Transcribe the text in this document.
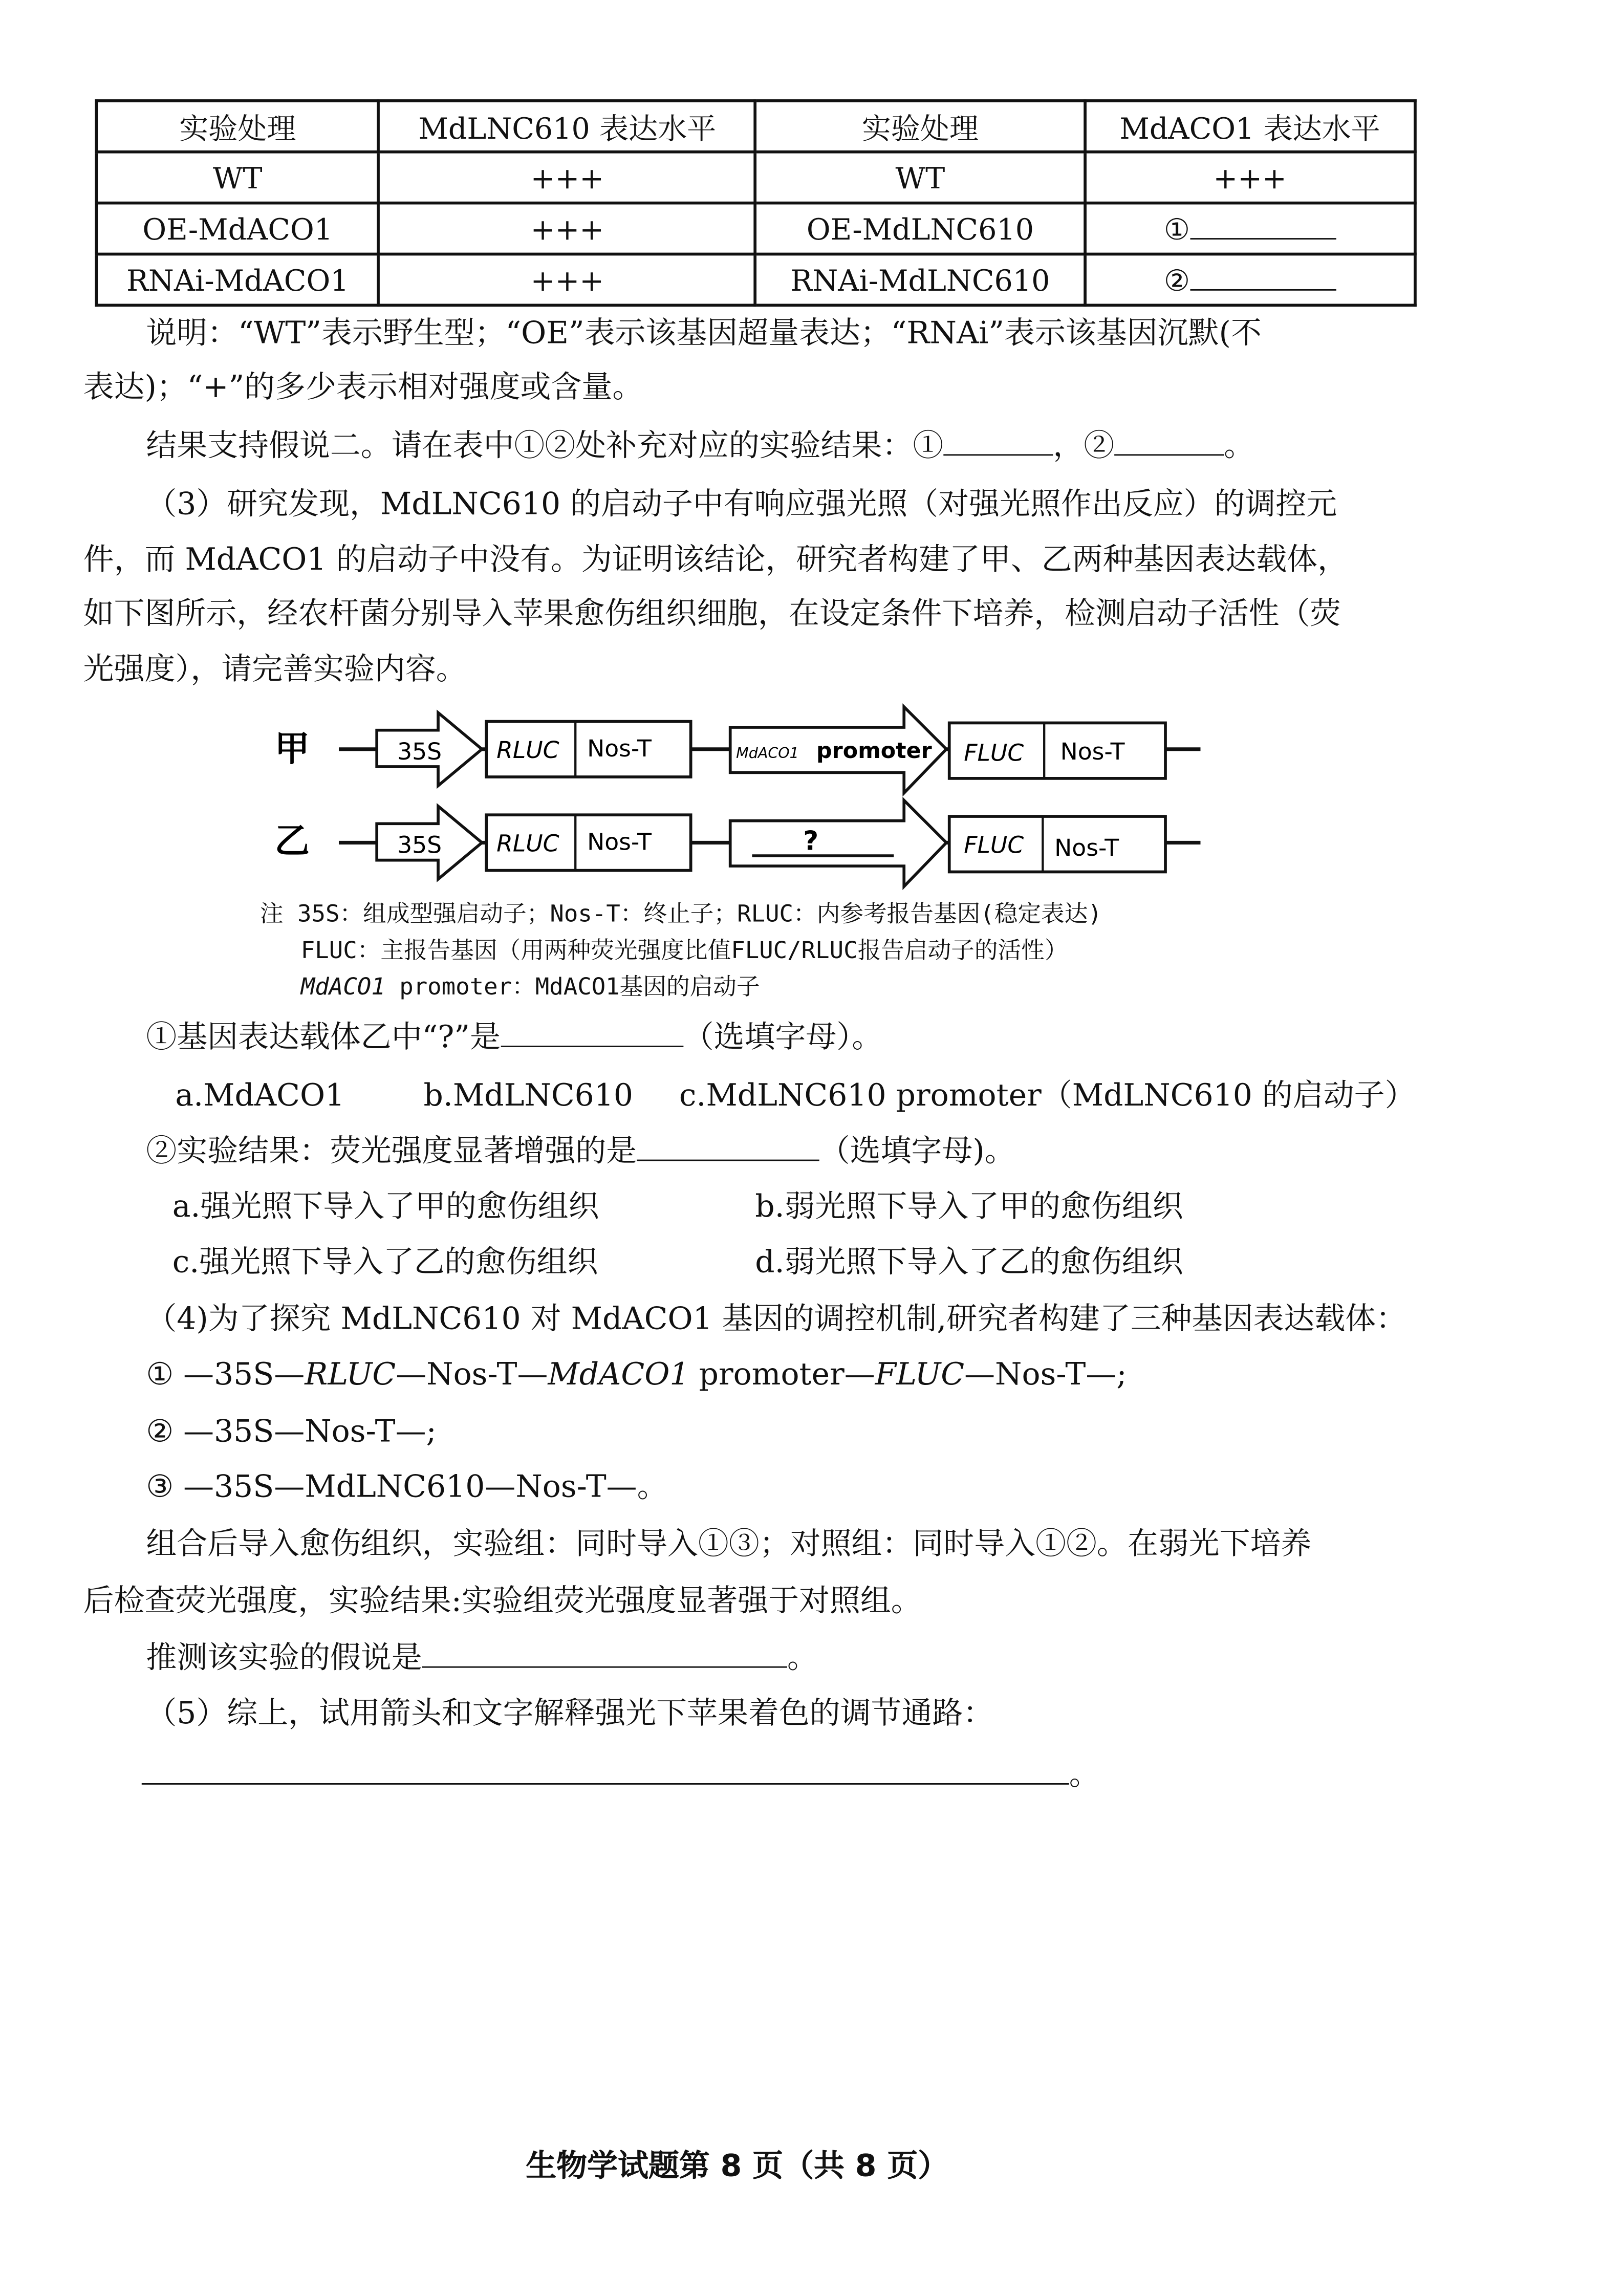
实验处理	MdLNC610 表达水平	实验处理	MdACO1 表达水平
WT	+++	WT	+++
OE-MdACO1	+++	OE-MdLNC610	①
RNAi-MdACO1	+++	RNAi-MdLNC610	②
说明：“WT”表示野生型；“OE”表示该基因超量表达；“RNAi”表示该基因沉默(不
表达)；“+”的多少表示相对强度或含量。
结果支持假说二。请在表中①②处补充对应的实验结果：①	，②	。
（3）研究发现，MdLNC610 的启动子中有响应强光照（对强光照作出反应）的调控元
件，而 MdACO1 的启动子中没有。为证明该结论，研究者构建了甲、乙两种基因表达载体，
如下图所示，经农杆菌分别导入苹果愈伤组织细胞，在设定条件下培养，检测启动子活性（荧
光强度），请完善实验内容。
甲	35S	RLUC	Nos-T	MdACO1 promoter	FLUC	Nos-T
乙	35S	RLUC	Nos-T	?	FLUC	Nos-T
注 35S：组成型强启动子；Nos-T：终止子；RLUC：内参考报告基因(稳定表达)
FLUC：主报告基因（用两种荧光强度比值FLUC/RLUC报告启动子的活性）
MdACO1 promoter：MdACO1基因的启动子
①基因表达载体乙中“?”是	（选填字母）。
a.MdACO1	b.MdLNC610	c.MdLNC610 promoter（MdLNC610 的启动子）
②实验结果：荧光强度显著增强的是	（选填字母)。
a.强光照下导入了甲的愈伤组织	b.弱光照下导入了甲的愈伤组织
c.强光照下导入了乙的愈伤组织	d.弱光照下导入了乙的愈伤组织
（4)为了探究 MdLNC610 对 MdACO1 基因的调控机制,研究者构建了三种基因表达载体：
① —35S—RLUC—Nos-T—MdACO1 promoter—FLUC—Nos-T—;
② —35S—Nos-T—;
③ —35S—MdLNC610—Nos-T—。
组合后导入愈伤组织，实验组：同时导入①③；对照组：同时导入①②。在弱光下培养
后检查荧光强度，实验结果:实验组荧光强度显著强于对照组。
推测该实验的假说是	。
（5）综上，试用箭头和文字解释强光下苹果着色的调节通路：
。
生物学试题第 8 页（共 8 页）
